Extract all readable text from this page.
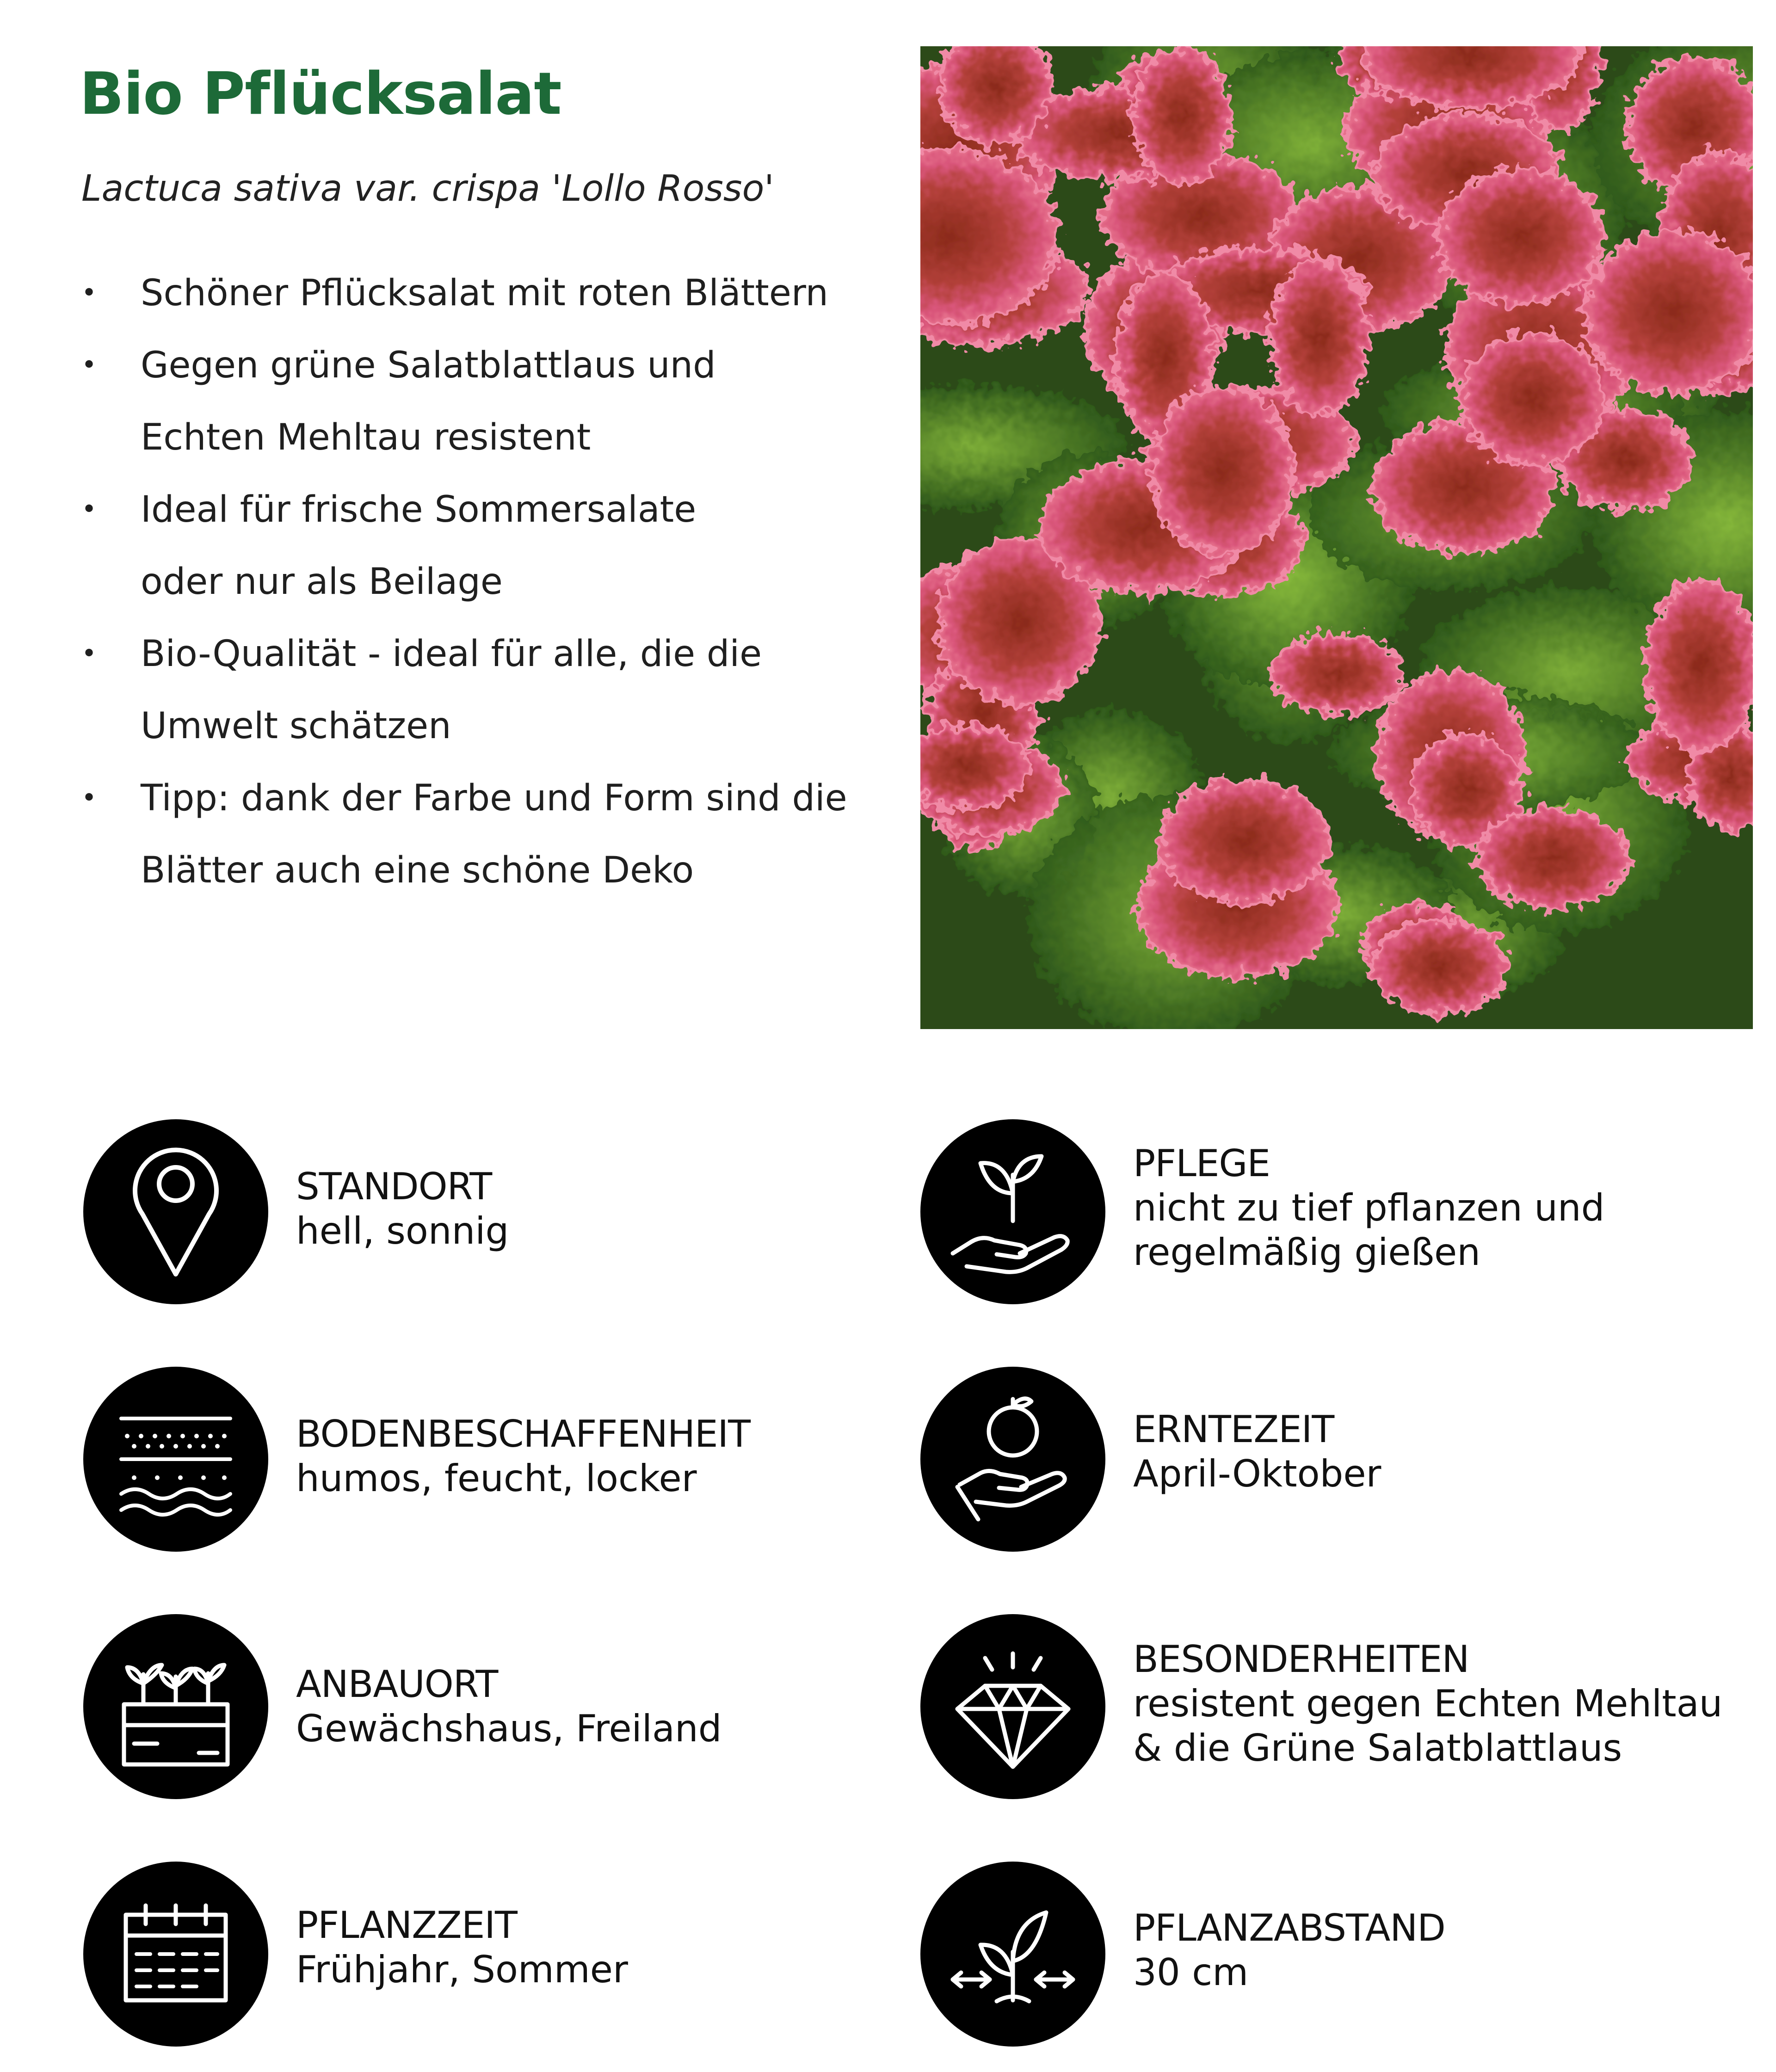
Bio Pflücksalat
Lactuca sativa var. crispa 'Lollo Rosso'
• Schöner Pflücksalat mit roten Blättern
• Gegen grüne Salatblattlaus und
Echten Mehltau resistent
• Ideal für frische Sommersalate
oder nur als Beilage
• Bio-Qualität - ideal für alle, die die
Umwelt schätzen
• Tipp: dank der Farbe und Form sind die
Blätter auch eine schöne Deko
STANDORT
hell, sonnig
BODENBESCHAFFENHEIT
humos, feucht, locker
ANBAUORT
Gewächshaus, Freiland
PFLANZZEIT
Frühjahr, Sommer
PFLEGE
nicht zu tief pflanzen und
regelmäßig gießen
ERNTEZEIT
April-Oktober
BESONDERHEITEN
resistent gegen Echten Mehltau
& die Grüne Salatblattlaus
PFLANZABSTAND
30 cm
